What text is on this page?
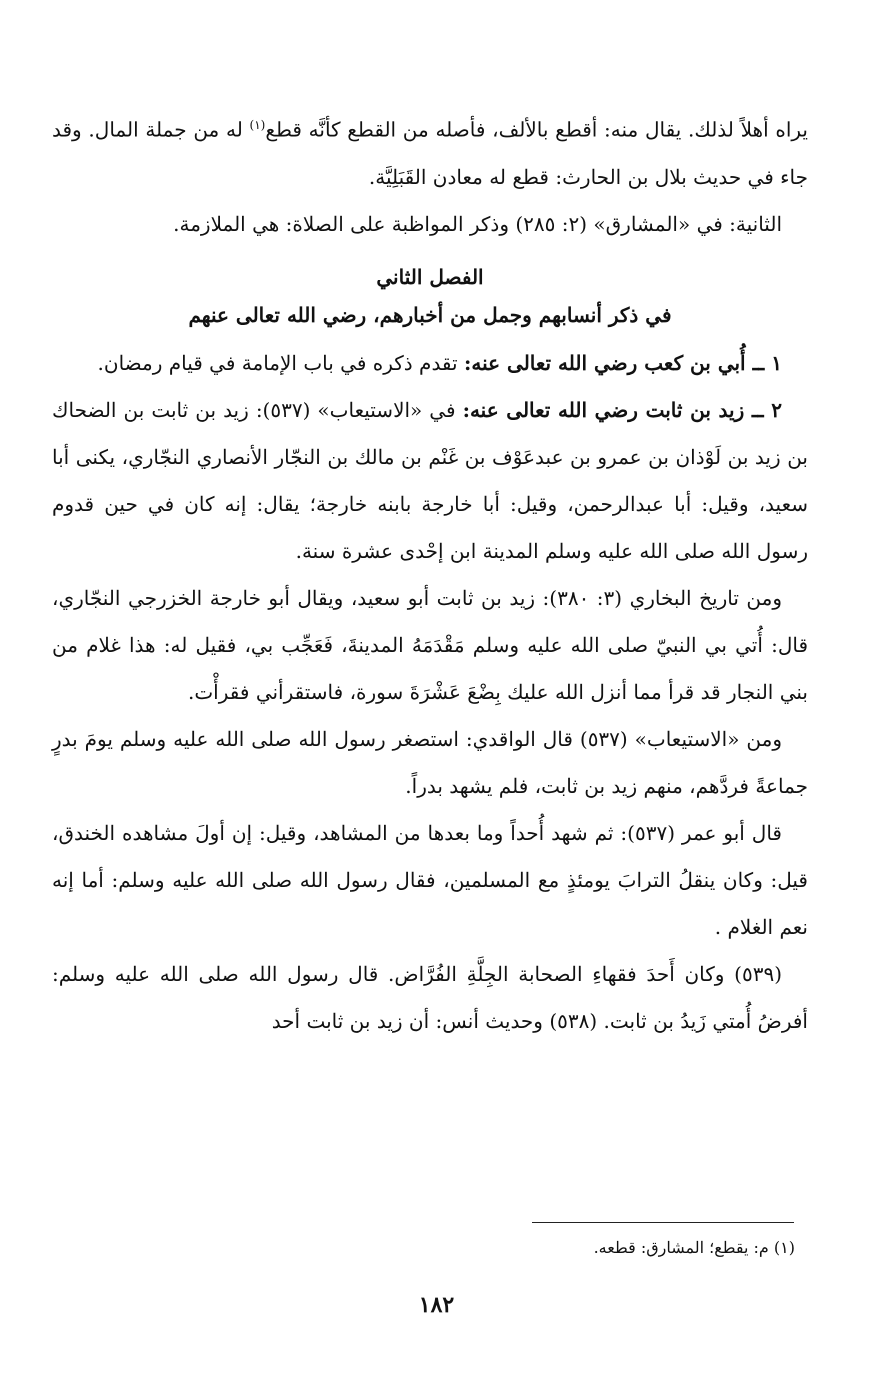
يراه أهلاً لذلك. يقال منه: أقطع بالألف، فأصله من القطع كأنَّه قطع$^{(١)}$ له من جملة المال. وقد جاء في حديث بلال بن الحارث: قطع له معادن القَبَلِيَّة.

الثانية: في «المشارق» (٢: ٢٨٥) وذكر المواظبة على الصلاة: هي الملازمة.

الفصل الثاني
في ذكر أنسابهم وجمل من أخبارهم، رضي الله تعالى عنهم

١ ــ أُبي بن كعب رضي الله تعالى عنه: تقدم ذكره في باب الإمامة في قيام رمضان.

٢ ــ زيد بن ثابت رضي الله تعالى عنه: في «الاستيعاب» (٥٣٧): زيد بن ثابت بن الضحاك بن زيد بن لَوْذان بن عمرو بن عبدعَوْف بن غَنْم بن مالك بن النجّار الأنصاري النجّاري، يكنى أبا سعيد، وقيل: أبا عبدالرحمن، وقيل: أبا خارجة بابنه خارجة؛ يقال: إنه كان في حين قدوم رسول الله صلى الله عليه وسلم المدينة ابن إحْدى عشرة سنة.

ومن تاريخ البخاري (٣: ٣٨٠): زيد بن ثابت أبو سعيد، ويقال أبو خارجة الخزرجي النجّاري، قال: أُتي بي النبيّ صلى الله عليه وسلم مَقْدَمَهُ المدينةَ، فَعَجِّب بي، فقيل له: هذا غلام من بني النجار قد قرأ مما أنزل الله عليك بِضْعَ عَشْرَةَ سورة، فاستقرأني فقرأْت.

ومن «الاستيعاب» (٥٣٧) قال الواقدي: استصغر رسول الله صلى الله عليه وسلم يومَ بدرٍ جماعةً فردَّهم، منهم زيد بن ثابت، فلم يشهد بدراً.

قال أبو عمر (٥٣٧): ثم شهد أُحداً وما بعدها من المشاهد، وقيل: إن أولَ مشاهده الخندق، قيل: وكان ينقلُ الترابَ يومئذٍ مع المسلمين، فقال رسول الله صلى الله عليه وسلم: أما إنه نعم الغلام .

(٥٣٩) وكان أَحدَ فقهاءِ الصحابة الجِلَّةِ الفُرَّاض. قال رسول الله صلى الله عليه وسلم: أفرضُ أُمتي زَيدُ بن ثابت. (٥٣٨) وحديث أنس: أن زيد بن ثابت أحد

(١) م: يقطع؛ المشارق: قطعه.
١٨٢
